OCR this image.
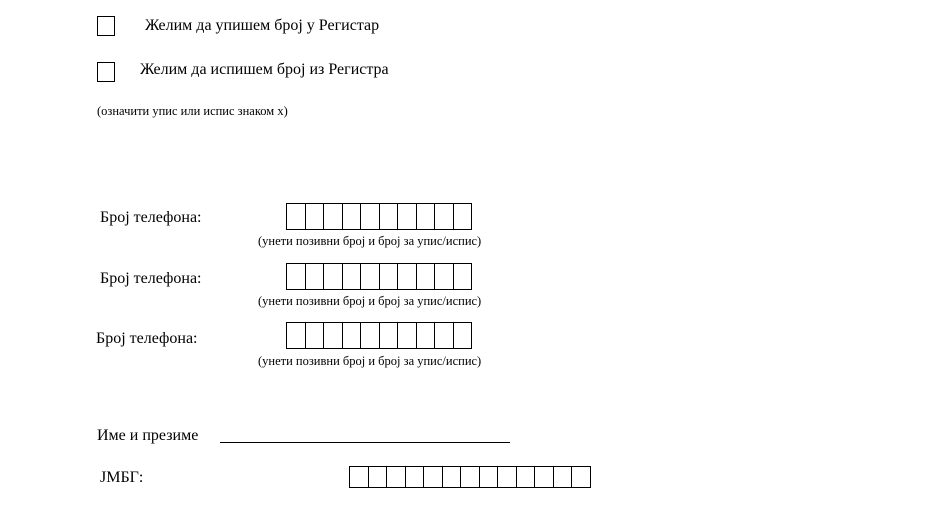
Желим да упишем број у Регистар
Желим да испишем број из Регистра
(означити упис или испис знаком х)
Број телефона:
(унети позивни број и број за упис/испис)
Број телефона:
(унети позивни број и број за упис/испис)
Број телефона:
(унети позивни број и број за упис/испис)
Име и презиме
ЈМБГ:
